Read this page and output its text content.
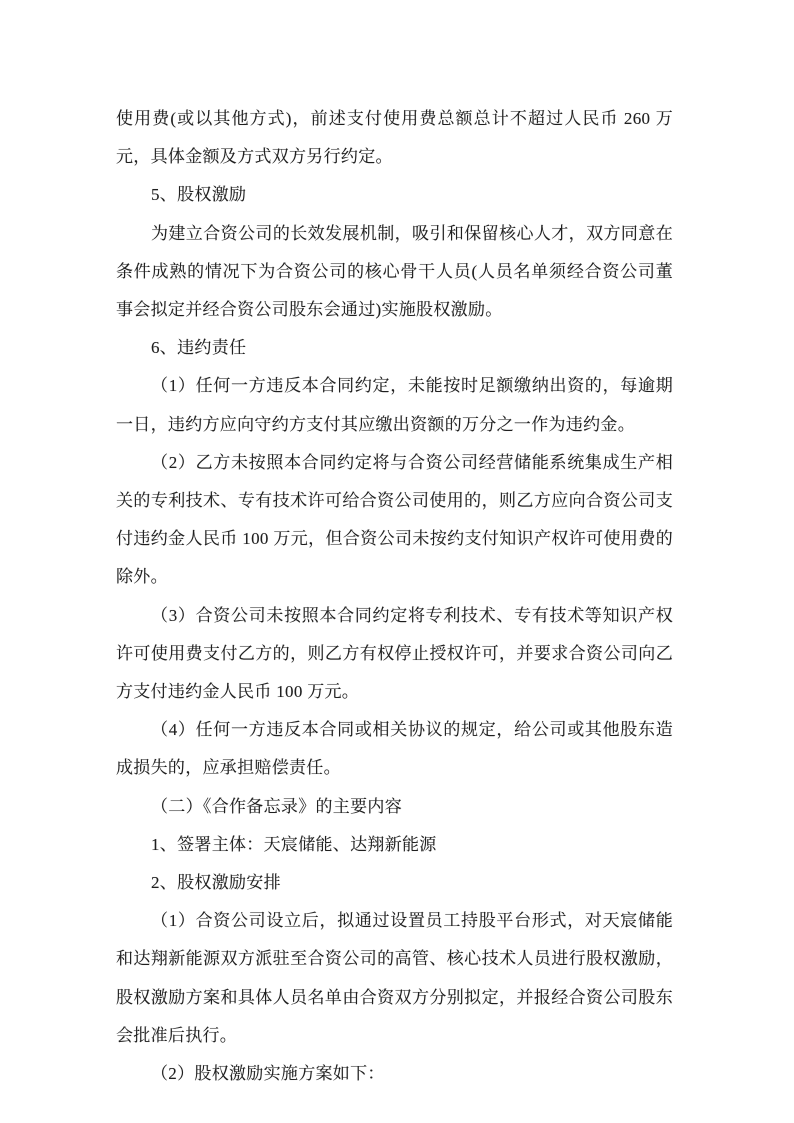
使用费(或以其他方式)，前述支付使用费总额总计不超过人民币 260 万元，具体金额及方式双方另行约定。

5、股权激励

为建立合资公司的长效发展机制，吸引和保留核心人才，双方同意在条件成熟的情况下为合资公司的核心骨干人员(人员名单须经合资公司董事会拟定并经合资公司股东会通过)实施股权激励。

6、违约责任

（1）任何一方违反本合同约定，未能按时足额缴纳出资的，每逾期一日，违约方应向守约方支付其应缴出资额的万分之一作为违约金。

（2）乙方未按照本合同约定将与合资公司经营储能系统集成生产相关的专利技术、专有技术许可给合资公司使用的，则乙方应向合资公司支付违约金人民币 100 万元，但合资公司未按约支付知识产权许可使用费的除外。

（3）合资公司未按照本合同约定将专利技术、专有技术等知识产权许可使用费支付乙方的，则乙方有权停止授权许可，并要求合资公司向乙方支付违约金人民币 100 万元。

（4）任何一方违反本合同或相关协议的规定，给公司或其他股东造成损失的，应承担赔偿责任。

（二）《合作备忘录》的主要内容

1、签署主体：天宸储能、达翔新能源

2、股权激励安排

（1）合资公司设立后，拟通过设置员工持股平台形式，对天宸储能和达翔新能源双方派驻至合资公司的高管、核心技术人员进行股权激励，股权激励方案和具体人员名单由合资双方分别拟定，并报经合资公司股东会批准后执行。

（2）股权激励实施方案如下：
